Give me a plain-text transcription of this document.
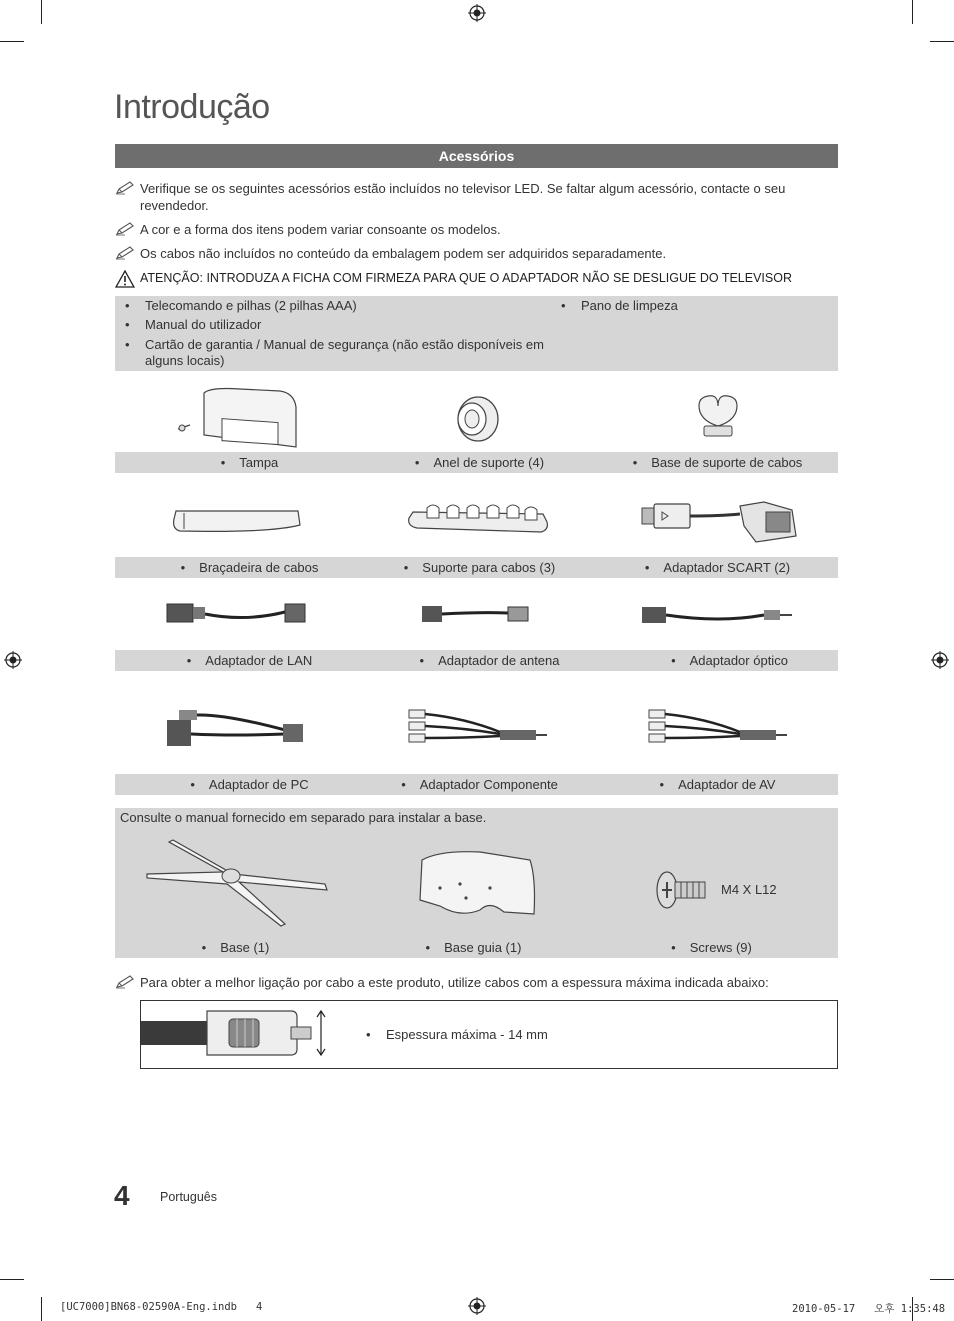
Introdução
Acessórios
Verifique se os seguintes acessórios estão incluídos no televisor LED. Se faltar algum acessório, contacte o seu revendedor.
A cor e a forma dos itens podem variar consoante os modelos.
Os cabos não incluídos no conteúdo da embalagem podem ser adquiridos separadamente.
ATENÇÃO: INTRODUZA A FICHA COM FIRMEZA PARA QUE O ADAPTADOR NÃO SE DESLIGUE DO TELEVISOR
• Telecomando e pilhas (2 pilhas AAA)
• Manual do utilizador
• Cartão de garantia / Manual de segurança (não estão disponíveis em alguns locais)
• Pano de limpeza
• Tampa	• Anel de suporte (4)	• Base de suporte de cabos
• Braçadeira de cabos	• Suporte para cabos (3)	• Adaptador SCART (2)
• Adaptador de LAN	• Adaptador de antena	• Adaptador óptico
• Adaptador de PC	• Adaptador Componente	• Adaptador de AV
Consulte o manual fornecido em separado para instalar a base.
M4 X L12
• Base (1)	• Base guia (1)	• Screws (9)
Para obter a melhor ligação por cabo a este produto, utilize cabos com a espessura máxima indicada abaixo:
• Espessura máxima - 14 mm
4 Português
[UC7000]BN68-02590A-Eng.indb   4	2010-05-17   오후 1:35:48
